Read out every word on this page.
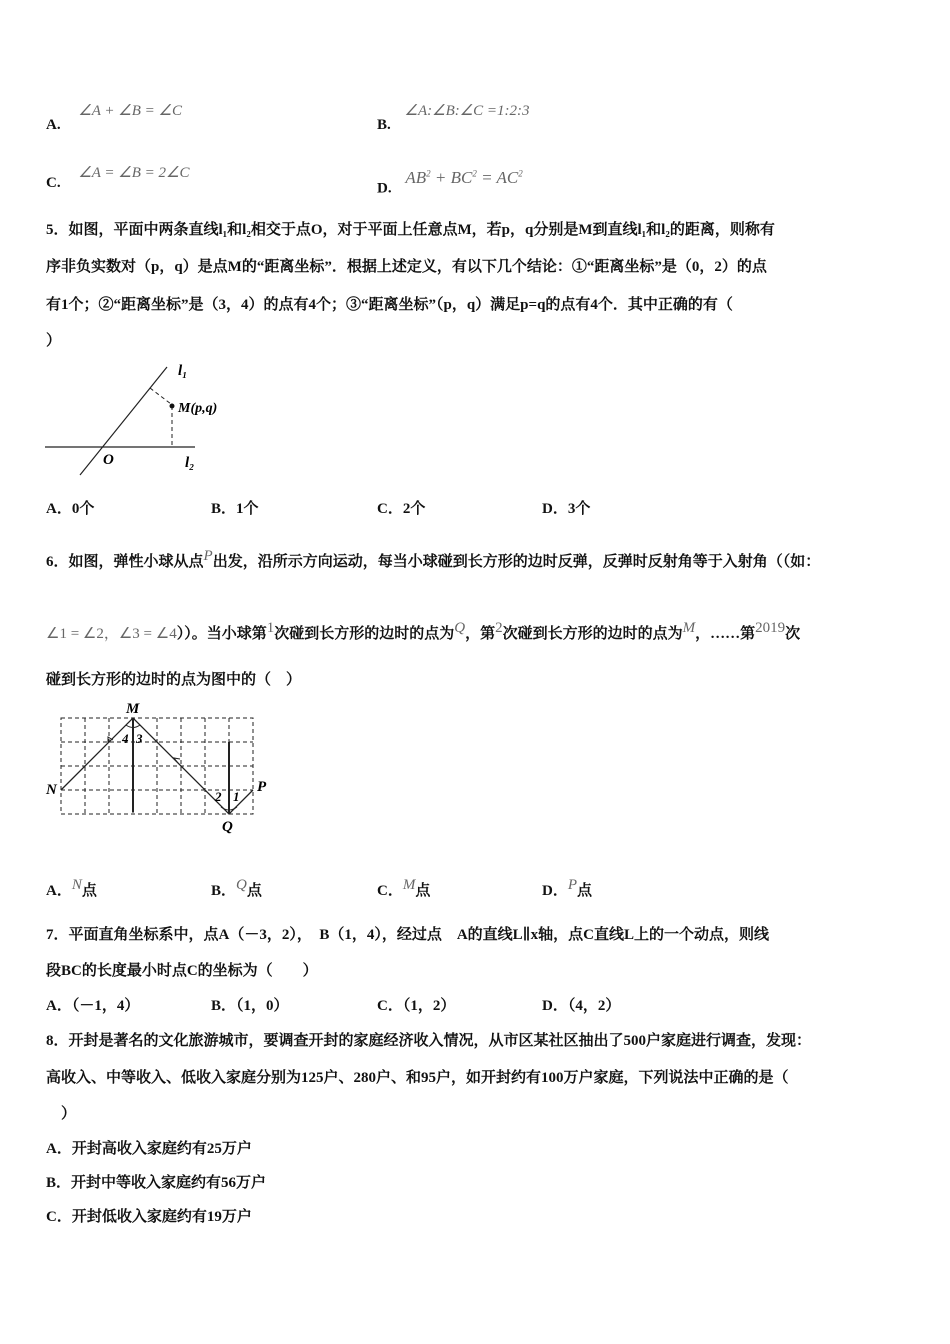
A. ∠A + ∠B = ∠C
B. ∠A:∠B:∠C =1:2:3
C. ∠A = ∠B = 2∠C
D. $AB^2 + BC^2 = AC^2$
5．如图，平面中两条直线l₁和l₂相交于点O，对于平面上任意点M，若p，q分别是M到直线l₁和l₂的距离，则称有
序非负实数对（p，q）是点M的“距离坐标”．根据上述定义，有以下几个结论：①“距离坐标”是（0，2）的点
有1个；②“距离坐标”是（3，4）的点有4个；③“距离坐标”（p，q）满足p=q的点有4个．其中正确的有（
）
l₁
M(p,q)
O	l₂
A．0个	B．1个	C．2个	D．3个
6．如图，弹性小球从点P出发，沿所示方向运动，每当小球碰到长方形的边时反弹，反弹时反射角等于入射角（（如：
∠1 = ∠2，∠3 = ∠4））。当小球第1次碰到长方形的边时的点为Q，第2次碰到长方形的边时的点为M，……第2019次
碰到长方形的边时的点为图中的（　）
M
N	P
Q
4 3
2 1
A．N点	B．Q点	C．M点	D．P点
7．平面直角坐标系中，点A（－3，2），　B（1，4），经过点　A的直线L∥x轴，点C直线L上的一个动点，则线
段BC的长度最小时点C的坐标为（　　）
A．（－1，4）	B．（1，0）	C．（1，2）	D．（4，2）
8．开封是著名的文化旅游城市，要调查开封的家庭经济收入情况，从市区某社区抽出了500户家庭进行调查，发现：
高收入、中等收入、低收入家庭分别为125户、280户、和95户，如开封约有100万户家庭，下列说法中正确的是（
　）
A．开封高收入家庭约有25万户
B．开封中等收入家庭约有56万户
C．开封低收入家庭约有19万户
